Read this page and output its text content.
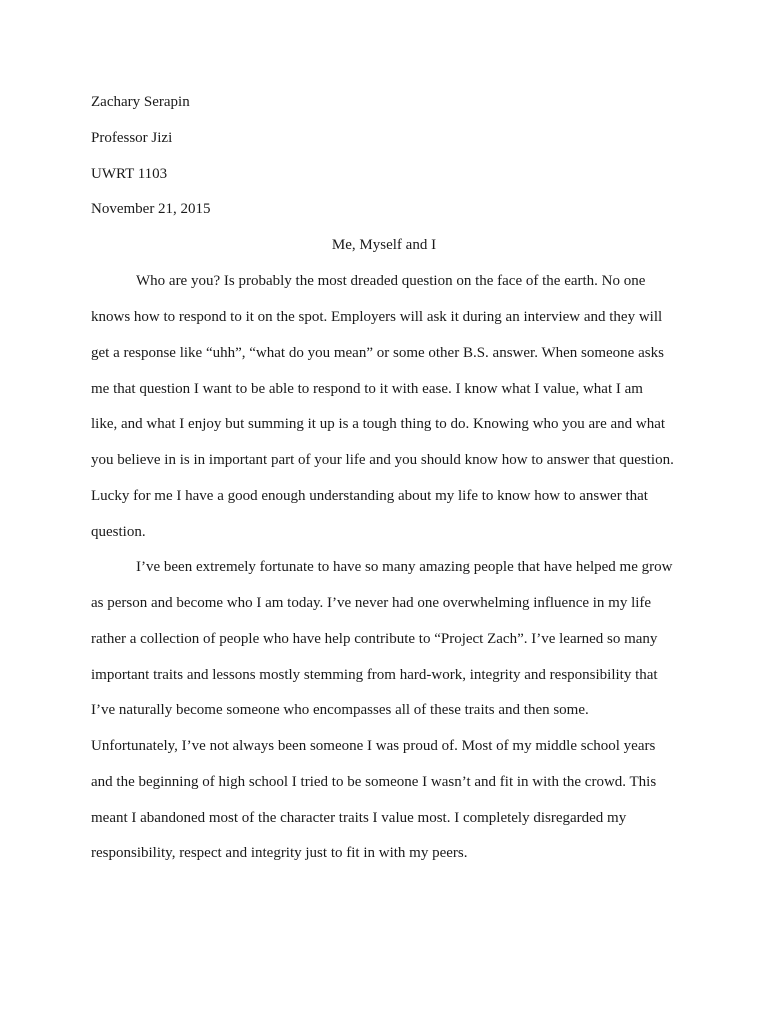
Zachary Serapin
Professor Jizi
UWRT 1103
November 21, 2015
Me, Myself and I
Who are you? Is probably the most dreaded question on the face of the earth. No one
knows how to respond to it on the spot. Employers will ask it during an interview and they will
get a response like “uhh”, “what do you mean” or some other B.S. answer. When someone asks
me that question I want to be able to respond to it with ease. I know what I value, what I am
like, and what I enjoy but summing it up is a tough thing to do. Knowing who you are and what
you believe in is in important part of your life and you should know how to answer that question.
Lucky for me I have a good enough understanding about my life to know how to answer that
question.
I’ve been extremely fortunate to have so many amazing people that have helped me grow
as person and become who I am today. I’ve never had one overwhelming influence in my life
rather a collection of people who have help contribute to “Project Zach”. I’ve learned so many
important traits and lessons mostly stemming from hard-work, integrity and responsibility that
I’ve naturally become someone who encompasses all of these traits and then some.
Unfortunately, I’ve not always been someone I was proud of. Most of my middle school years
and the beginning of high school I tried to be someone I wasn’t and fit in with the crowd. This
meant I abandoned most of the character traits I value most. I completely disregarded my
responsibility, respect and integrity just to fit in with my peers.
